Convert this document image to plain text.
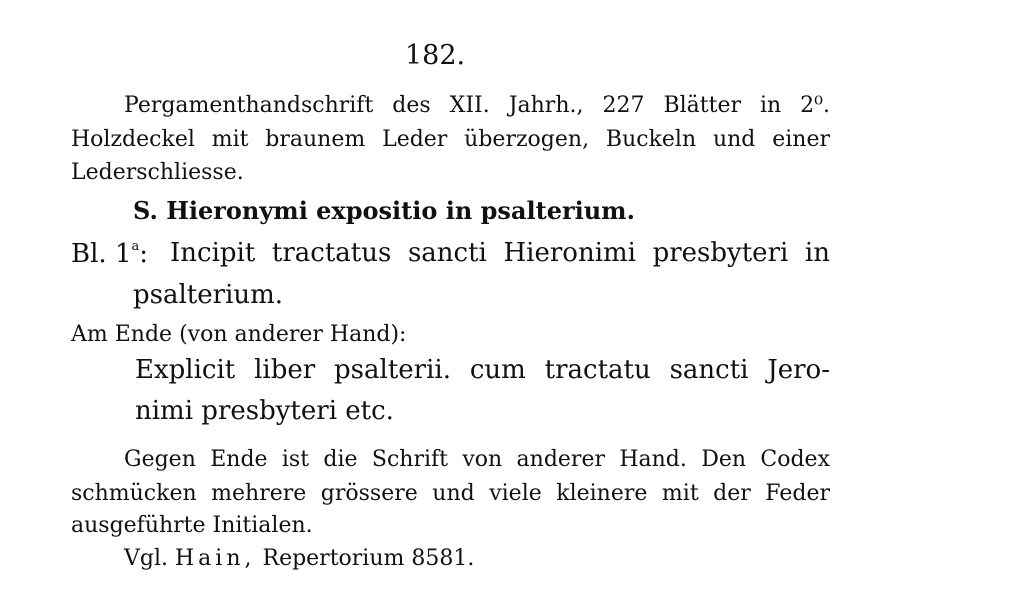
182.
Pergamenthandschrift des XII. Jahrh., 227 Blätter in 2⁰.
Holzdeckel mit braunem Leder überzogen, Buckeln und einer
Lederschliesse.
S. Hieronymi expositio in psalterium.
Bl. 1$^a$: Incipit tractatus sancti Hieronimi presbyteri in
psalterium.
Am Ende (von anderer Hand):
Explicit liber psalterii. cum tractatu sancti Jero-
nimi presbyteri etc.
Gegen Ende ist die Schrift von anderer Hand. Den Codex
schmücken mehrere grössere und viele kleinere mit der Feder
ausgeführte Initialen.
Vgl. Hain, Repertorium 8581.
